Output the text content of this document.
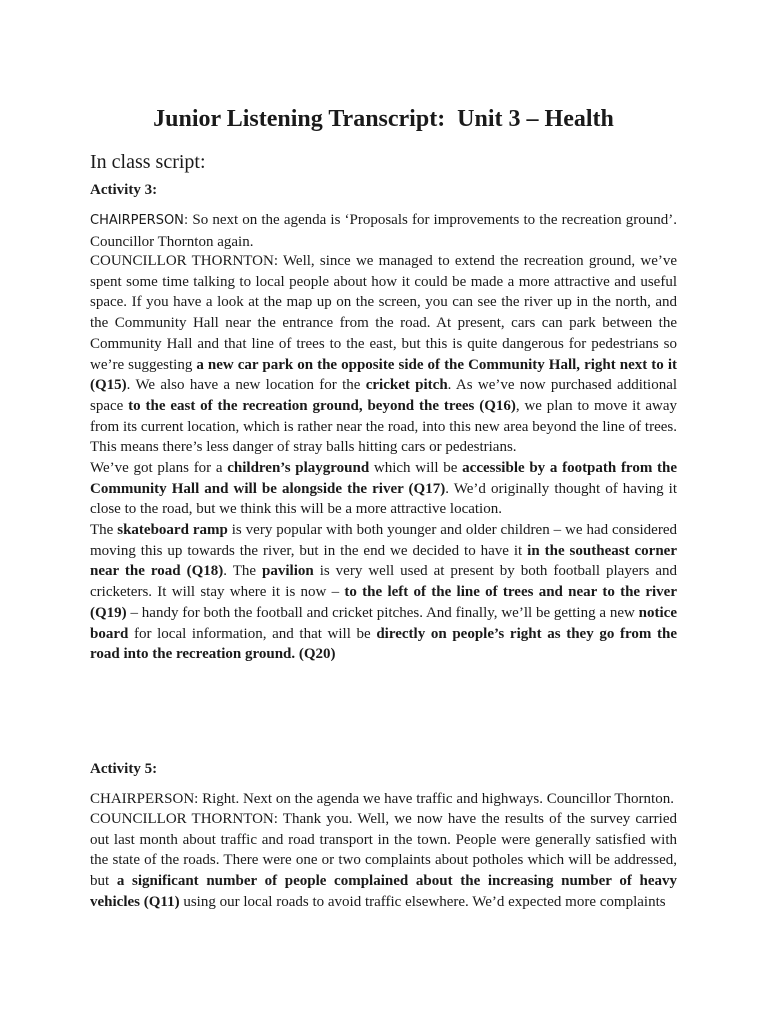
Junior Listening Transcript:  Unit 3 – Health
In class script:
Activity 3:

CHAIRPERSON: So next on the agenda is ‘Proposals for improvements to the recreation ground’. Councillor Thornton again.

COUNCILLOR THORNTON: Well, since we managed to extend the recreation ground, we’ve spent some time talking to local people about how it could be made a more attractive and useful space. If you have a look at the map up on the screen, you can see the river up in the north, and the Community Hall near the entrance from the road. At present, cars can park between the Community Hall and that line of trees to the east, but this is quite dangerous for pedestrians so we’re suggesting a new car park on the opposite side of the Community Hall, right next to it (Q15). We also have a new location for the cricket pitch. As we’ve now purchased additional space to the east of the recreation ground, beyond the trees (Q16), we plan to move it away from its current location, which is rather near the road, into this new area beyond the line of trees. This means there’s less danger of stray balls hitting cars or pedestrians.

We’ve got plans for a children’s playground which will be accessible by a footpath from the Community Hall and will be alongside the river (Q17). We’d originally thought of having it close to the road, but we think this will be a more attractive location.

The skateboard ramp is very popular with both younger and older children – we had considered moving this up towards the river, but in the end we decided to have it in the southeast corner near the road (Q18). The pavilion is very well used at present by both football players and cricketers. It will stay where it is now – to the left of the line of trees and near to the river (Q19) – handy for both the football and cricket pitches. And finally, we’ll be getting a new notice board for local information, and that will be directly on people’s right as they go from the road into the recreation ground. (Q20)

Activity 5:

CHAIRPERSON: Right. Next on the agenda we have traffic and highways. Councillor Thornton.

COUNCILLOR THORNTON: Thank you. Well, we now have the results of the survey carried out last month about traffic and road transport in the town. People were generally satisfied with the state of the roads. There were one or two complaints about potholes which will be addressed, but a significant number of people complained about the increasing number of heavy vehicles (Q11) using our local roads to avoid traffic elsewhere. We’d expected more complaints
